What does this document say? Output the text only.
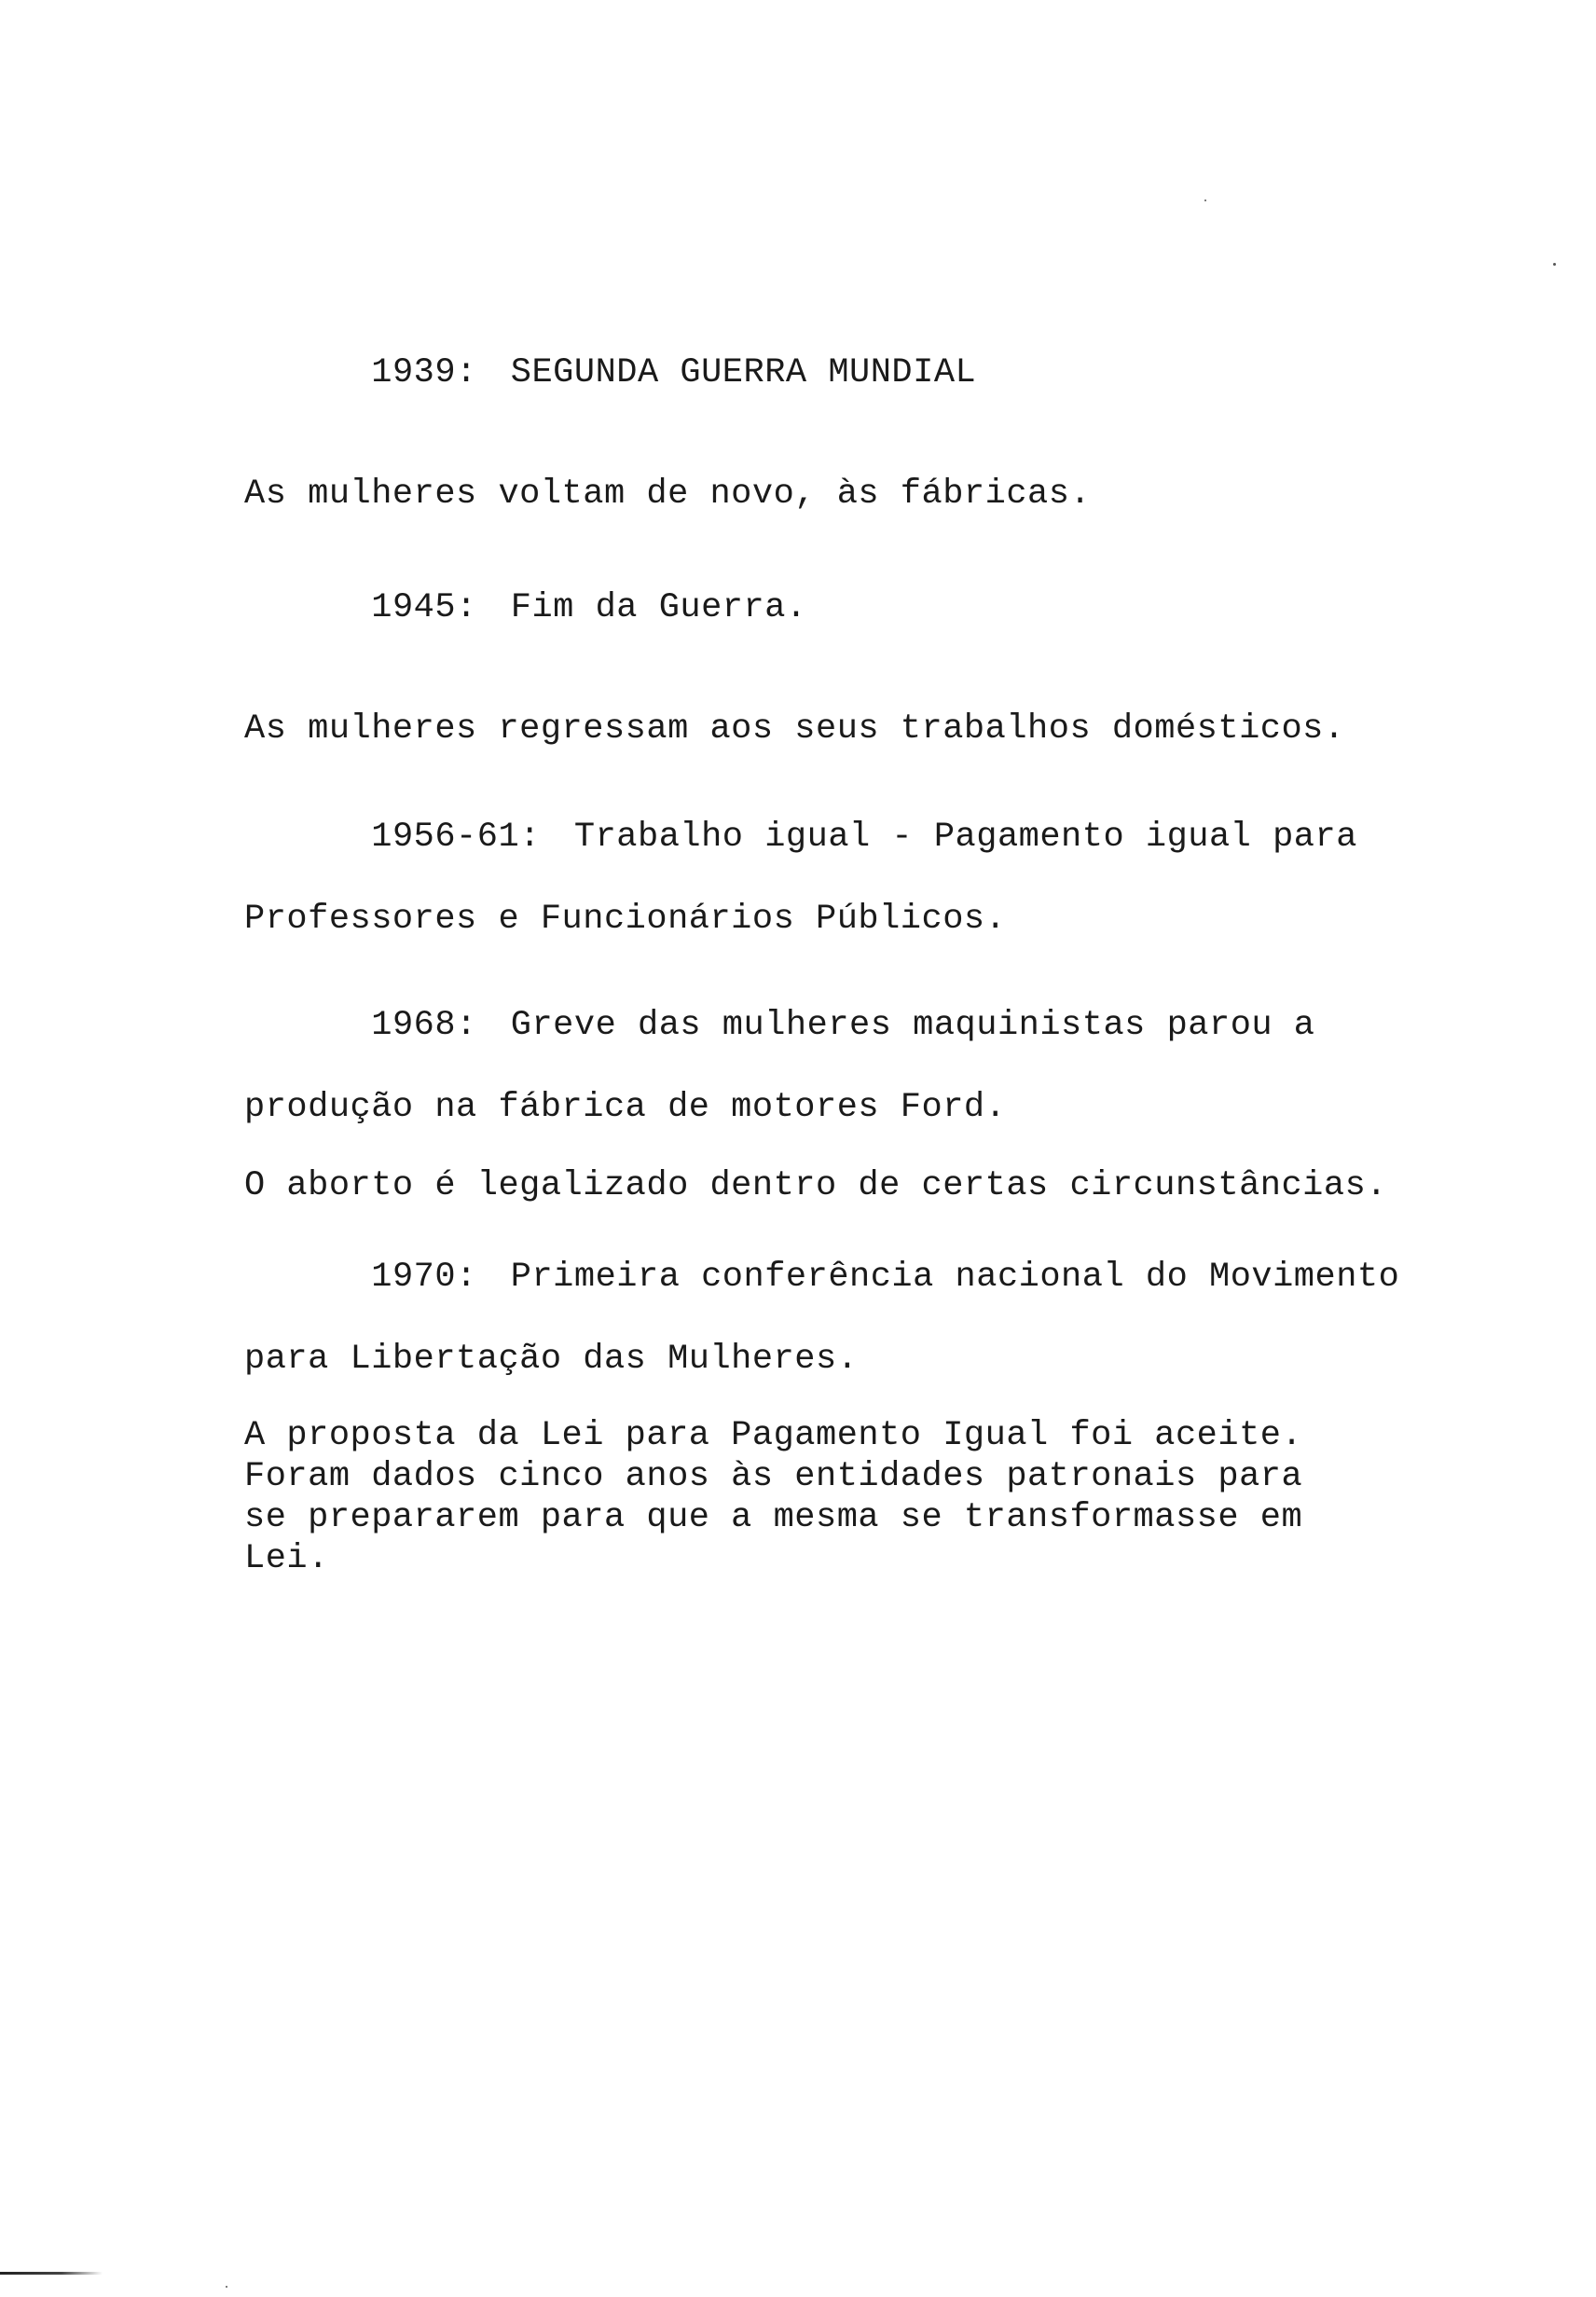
1939: SEGUNDA GUERRA MUNDIAL

As mulheres voltam de novo, às fábricas.

1945: Fim da Guerra.

As mulheres regressam aos seus trabalhos domésticos.

1956-61: Trabalho igual - Pagamento igual para

Professores e Funcionários Públicos.

1968: Greve das mulheres maquinistas parou a

produção na fábrica de motores Ford.
O aborto é legalizado dentro de certas circunstâncias.

1970: Primeira conferência nacional do Movimento

para Libertação das Mulheres.
A proposta da Lei para Pagamento Igual foi aceite.
Foram dados cinco anos às entidades patronais para
se prepararem para que a mesma se transformasse em
Lei.
